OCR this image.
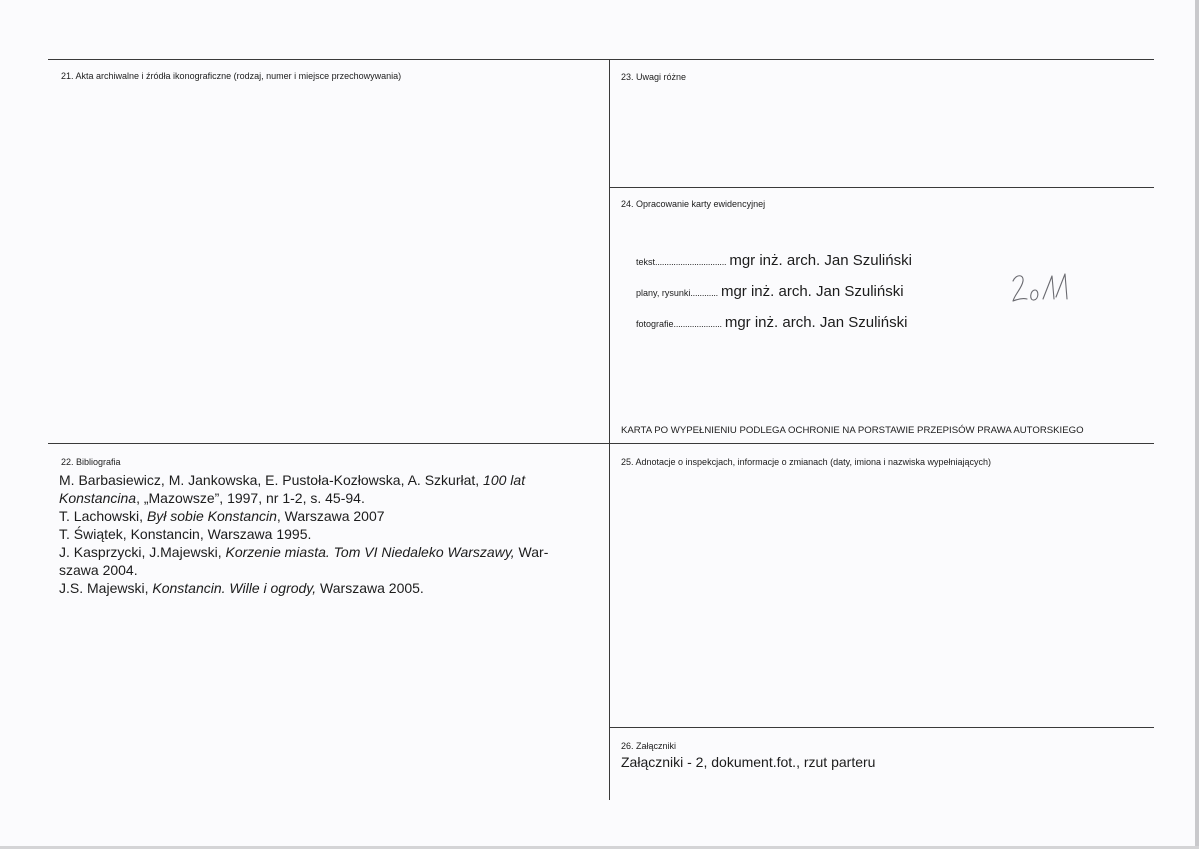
21. Akta archiwalne i źródła ikonograficzne (rodzaj, numer i miejsce przechowywania)	23. Uwagi różne
24. Opracowanie karty ewidencyjnej
tekst............................... mgr inż. arch. Jan Szuliński
plany, rysunki............ mgr inż. arch. Jan Szuliński
fotografie..................... mgr inż. arch. Jan Szuliński
KARTA PO WYPEŁNIENIU PODLEGA OCHRONIE NA PORSTAWIE PRZEPISÓW PRAWA AUTORSKIEGO
22. Bibliografia

M. Barbasiewicz, M. Jankowska, E. Pustoła-Kozłowska, A. Szkurłat, 100 lat

Konstancina, „Mazowsze”, 1997, nr 1-2, s. 45-94.

T. Lachowski, Był sobie Konstancin, Warszawa 2007

T. Świątek, Konstancin, Warszawa 1995.

J. Kasprzycki, J.Majewski, Korzenie miasta. Tom VI Niedaleko Warszawy, War-

szawa 2004.

J.S. Majewski, Konstancin. Wille i ogrody, Warszawa 2005.

25. Adnotacje o inspekcjach, informacje o zmianach (daty, imiona i nazwiska wypełniających)
26. Załączniki
Załączniki - 2, dokument.fot., rzut parteru
